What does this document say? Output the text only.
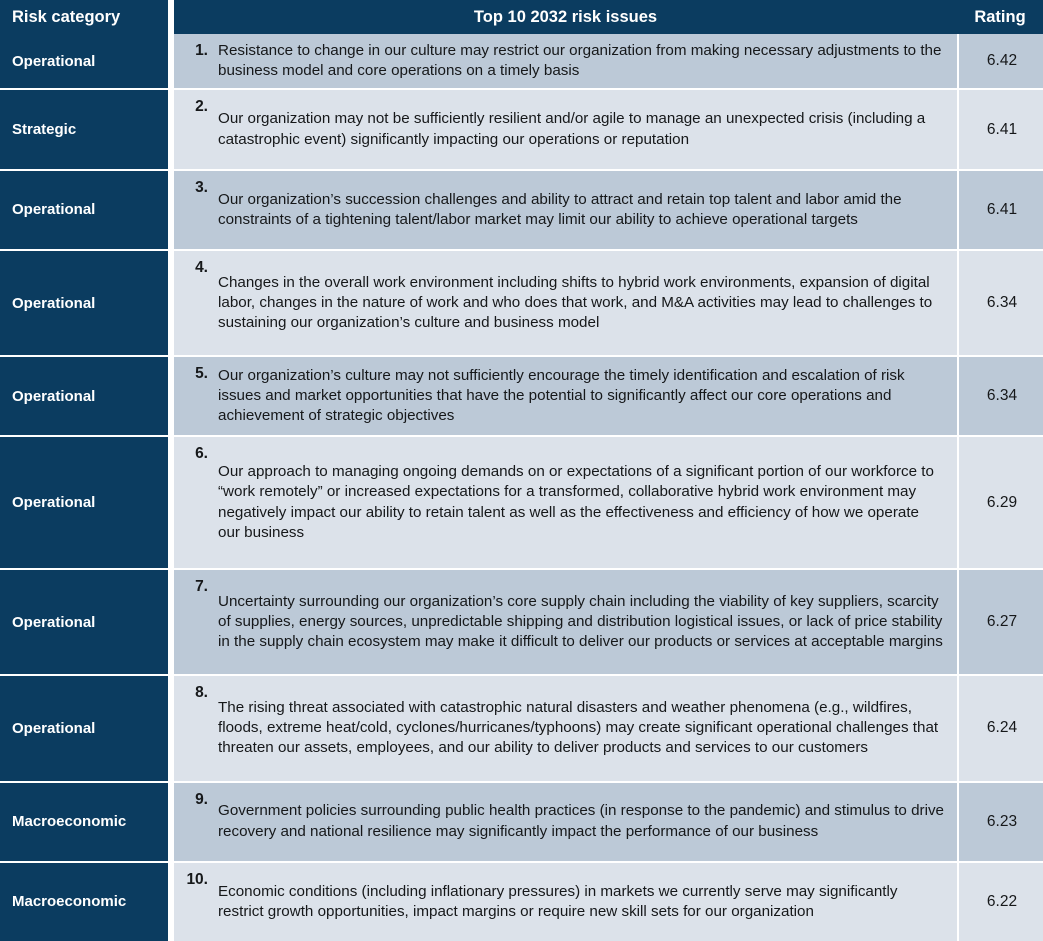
Risk category	Top 10 2032 risk issues	Rating
Operational
1. Resistance to change in our culture may restrict our organization from making necessary adjustments to the business model and core operations on a timely basis
6.42
Strategic
2.
Our organization may not be sufficiently resilient and/or agile to manage an unexpected crisis (including a catastrophic event) significantly impacting our operations or reputation
6.41
Operational
3.
Our organization’s succession challenges and ability to attract and retain top talent and labor amid the constraints of a tightening talent/labor market may limit our ability to achieve operational targets
6.41
Operational
4.
Changes in the overall work environment including shifts to hybrid work environments, expansion of digital labor, changes in the nature of work and who does that work, and M&A activities may lead to challenges to sustaining our organization’s culture and business model
6.34
Operational
5. Our organization’s culture may not sufficiently encourage the timely identification and escalation of risk issues and market opportunities that have the potential to significantly affect our core operations and achievement of strategic objectives
6.34
Operational
6.
Our approach to managing ongoing demands on or expectations of a significant portion of our workforce to “work remotely” or increased expectations for a transformed, collaborative hybrid work environment may negatively impact our ability to retain talent as well as the effectiveness and efficiency of how we operate our business
6.29
Operational
7.
Uncertainty surrounding our organization’s core supply chain including the viability of key suppliers, scarcity of supplies, energy sources, unpredictable shipping and distribution logistical issues, or lack of price stability in the supply chain ecosystem may make it difficult to deliver our products or services at acceptable margins
6.27
Operational
8.
The rising threat associated with catastrophic natural disasters and weather phenomena (e.g., wildfires, floods, extreme heat/cold, cyclones/hurricanes/typhoons) may create significant operational challenges that threaten our assets, employees, and our ability to deliver products and services to our customers
6.24
Macroeconomic
9.
Government policies surrounding public health practices (in response to the pandemic) and stimulus to drive recovery and national resilience may significantly impact the performance of our business
6.23
Macroeconomic
10.
Economic conditions (including inflationary pressures) in markets we currently serve may significantly restrict growth opportunities, impact margins or require new skill sets for our organization
6.22
